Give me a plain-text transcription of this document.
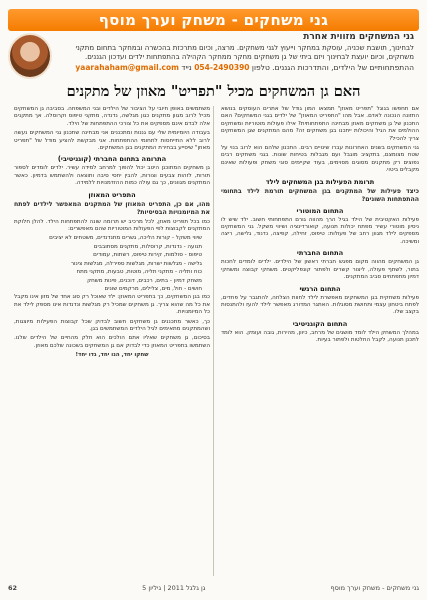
גני משחקים - משחק וערך מוסף
גני המשחקים מזווית אחרת
לבחינוך, תושבת שכניה, עוסקת במחקר וייעוץ לגני משחקים. מרצה, וכיום מתרכזת בהכשרה ובמחקר בתחום מתקני משחקים, וכיום יועצת לבחינוך ויזם ביתי של גן משחקים מחקר ממחקר הקהילה בהתפתחות ילדים ועדכון הגננים.
ההתפתחותיים של הילדים, והתדרכות הגננים. טלפון 054-2490390 נייד yaarahaham@gmail.com
האם גן המשחקים מכיל "תפריט" מאוזן של מתקנים

אם תחפשו בגוגל "תפריט מאוזן" תמצאו המון גודל של אתרים העוסקים בנושא התזונה הנכונה לאדם. אבל מהו "התפריט המאוזן" של ילדים בגני המשחקים? האם התכנון של גן משחקים מאוזן מבחינה התפתחותית? אילו פעולות מוטוריות ומשחקים ההולמים את הגיל והיכולות ייתכנו בגן משחקים זה? מהם המתקנים שגן המשחקים צריך להכיל?

גני המשחקים בשנים האחרונות עברו שינויים רבים. התכנון שלהם הוא לרוב בנוי על שטח מצומצם, בתקציב מוגבל ועם מגבלות בטיחות שונות. בגני משחקים רבים נפוצים רק מתקנים מסוגים מסוימים, בעוד שקיימים סוגי משחק ופעולות שאינם מקבלים ביטוי.

תרומת הפעילות בגן המשחקים לילד

כיצד פעילות של המתקנים בגן המשחקים תורמת לילד בתחומי ההתפתחות השונים?

התחום המוטורי

פעילות האקטיבית של הילד בגיל הרך מהווה גורם התפתחותי חשוב. ילד שיש לו ניסיון מוטורי עשיר מפתח יכולות תנועה, קואורדינציה ושיווי משקל. גני המשחקים מספקים לילד מגוון רחב של פעולות: טיפוס, זחילה, קפיצה, נדנוד, גלישה, ריצה ומשיכה.

התחום החברתי

גן המשחקים מהווה מקום מפגש חברתי ראשון של הילדים. ילדים לומדים לחכות בתור, לשתף פעולה, ליצור קשרים ולפתור קונפליקטים. משחקי קבוצה ומשחקי דמיון מתפתחים סביב המתקנים.

התחום הרגשי

פעילות משחקית בגן המשחקים מאפשרת לילד לחוות הצלחה, להתגבר על פחדים, לפתח ביטחון עצמי ותחושת מסוגלות. האתגר המדורג מאפשר לילד להעז ולהתנסות בקצב שלו.

התחום הקוגניטיבי

במהלך המשחק הילד לומד מושגים של מרחב, כיוון, מהירות, גובה ועומק. הוא לומד לתכנן תנועה, לקבל החלטות ולפתור בעיות.

משתמשים באופן חיובי על הציבור של הילדים ובני המשפחה. בסביבה גן המשחקים מכיל לרוב מגוון מתקנים כגון מגלשה, נדנדה, מתקני טיפוס וקרוסלה. אך מתקנים אלה לבדם אינם מספקים את כל צורכי ההתפתחות של הילד.

בעבודה היומיומית שלי עם גננות ומתכננים אני מבחינה שתכנון גני המשחקים נעשה לרוב ללא התייחסות לתחומי ההתפתחות. אני מבקשת להציע מודל של "תפריט מאוזן" שיסייע בבחירת המתקנים בגן המשחקים.

התרומה בתחום החברתי (קוגניטיבי)

גן משחקים המתוכנן היטב יכול להפוך למרחב למידה עשיר. ילדים לומדים לספור תורות, לזהות צבעים וצורות, להבין יחסי סיבה ותוצאה ולהשתמש בדמיון. כאשר המתקנים מגוונים, כך גם עולה כמות ההזדמנויות ללמידה.

התפריט המאוזן

מהו, אם כן, התפריט המאוזן של המתקנים המאפשר לילדים לפתח את המיומנויות הבסיסיות?

כמו בכל תפריט מאוזן, לכל מרכיב יש תרומה שונה להתפתחות הילד. להלן חלוקת המתקנים לקבוצות לפי הפעולות המוטוריות שהם מאפשרים:

שיווי משקל - קורות הליכה, גשרים מתנדנדים, משטחים לא יציבים
תנועה - נדנדות, קרוסלות, מתקנים מסתובבים
טיפוס - סולמות, קירות טיפוס, רשתות, עמודים
גלישה - מגלשות ישרות, מגלשות ספירלה, מגלשות צינור
כוח ותליה - מתקני תליה, מוטות, טבעות, מתקני מתח
משחק דמיון - בתים, רכבים, דוכנים, פינות משחק
חושים - חול, מים, צלילים, מרקמים שונים

כמו בגן המשחקים, כך בתפריט המאוזן: ילד שאוכל רק סוג אחד של מזון אינו מקבל את כל מה שהוא צריך. גן משחקים שמכיל רק מגלשות ונדנדות אינו מספק לילד את כל המיומנויות.

כך, כאשר מתכננים גן משחקים חשוב לבדוק שכל קבוצות הפעילות מיוצגות, ושהמתקנים מתאימים לגיל הילדים המשתמשים בגן.

בסיכום, גן משחקים שאליו אתם הולכים הוא חלק מהחיים של הילדים שלנו. השתמשו בתפריט המאוזן כדי לבדוק אם גן המשחקים בשכונה שלכם מאוזן.

שחקו יחד, הנו יחד, גדו יחד!

גני משחקים - משחק וערך מוסף
גן גלגל 2011 | גיליון 5
62
